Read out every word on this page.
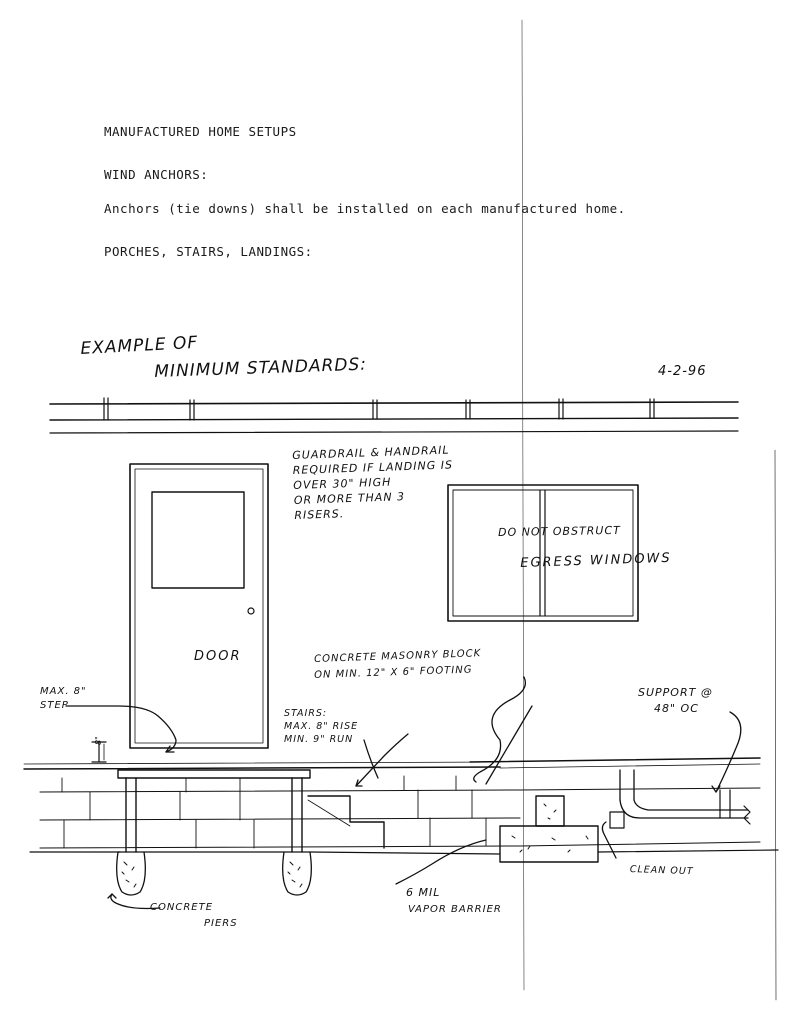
MANUFACTURED HOME SETUPS
WIND ANCHORS:
Anchors (tie downs) shall be installed on each manufactured home.
PORCHES, STAIRS, LANDINGS:
EXAMPLE OF
MINIMUM STANDARDS:	4-2-96
GUARDRAIL & HANDRAIL
REQUIRED IF LANDING IS
OVER 30" HIGH
OR MORE THAN 3
RISERS.
DO NOT OBSTRUCT
EGRESS WINDOWS
DOOR	CONCRETE MASONRY BLOCK
ON MIN. 12" X 6" FOOTING
MAX. 8"
STEP
8"
STAIRS:
MAX. 8" RISE
MIN. 9" RUN
SUPPORT @
48" OC
CONCRETE
PIERS
6 MIL
VAPOR BARRIER
CLEAN OUT
